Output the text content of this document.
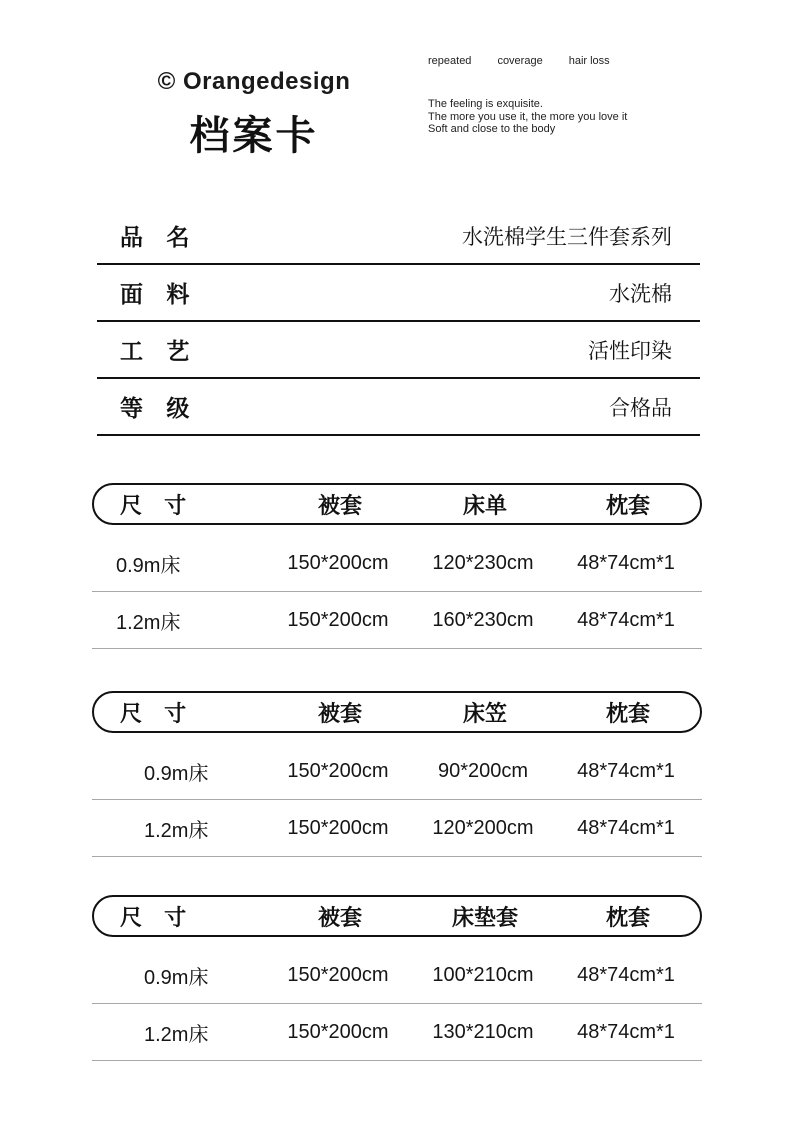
© Orangedesign
档案卡
repeated coverage hair loss
The feeling is exquisite.
The more you use it, the more you love it
Soft and close to the body
品 名	水洗棉学生三件套系列
面 料	水洗棉
工 艺	活性印染
等 级	合格品
尺 寸	被套	床单	枕套
0.9m床	150*200cm	120*230cm	48*74cm*1
1.2m床	150*200cm	160*230cm	48*74cm*1
尺 寸	被套	床笠	枕套
0.9m床	150*200cm	90*200cm	48*74cm*1
1.2m床	150*200cm	120*200cm	48*74cm*1
尺 寸	被套	床垫套	枕套
0.9m床	150*200cm	100*210cm	48*74cm*1
1.2m床	150*200cm	130*210cm	48*74cm*1
